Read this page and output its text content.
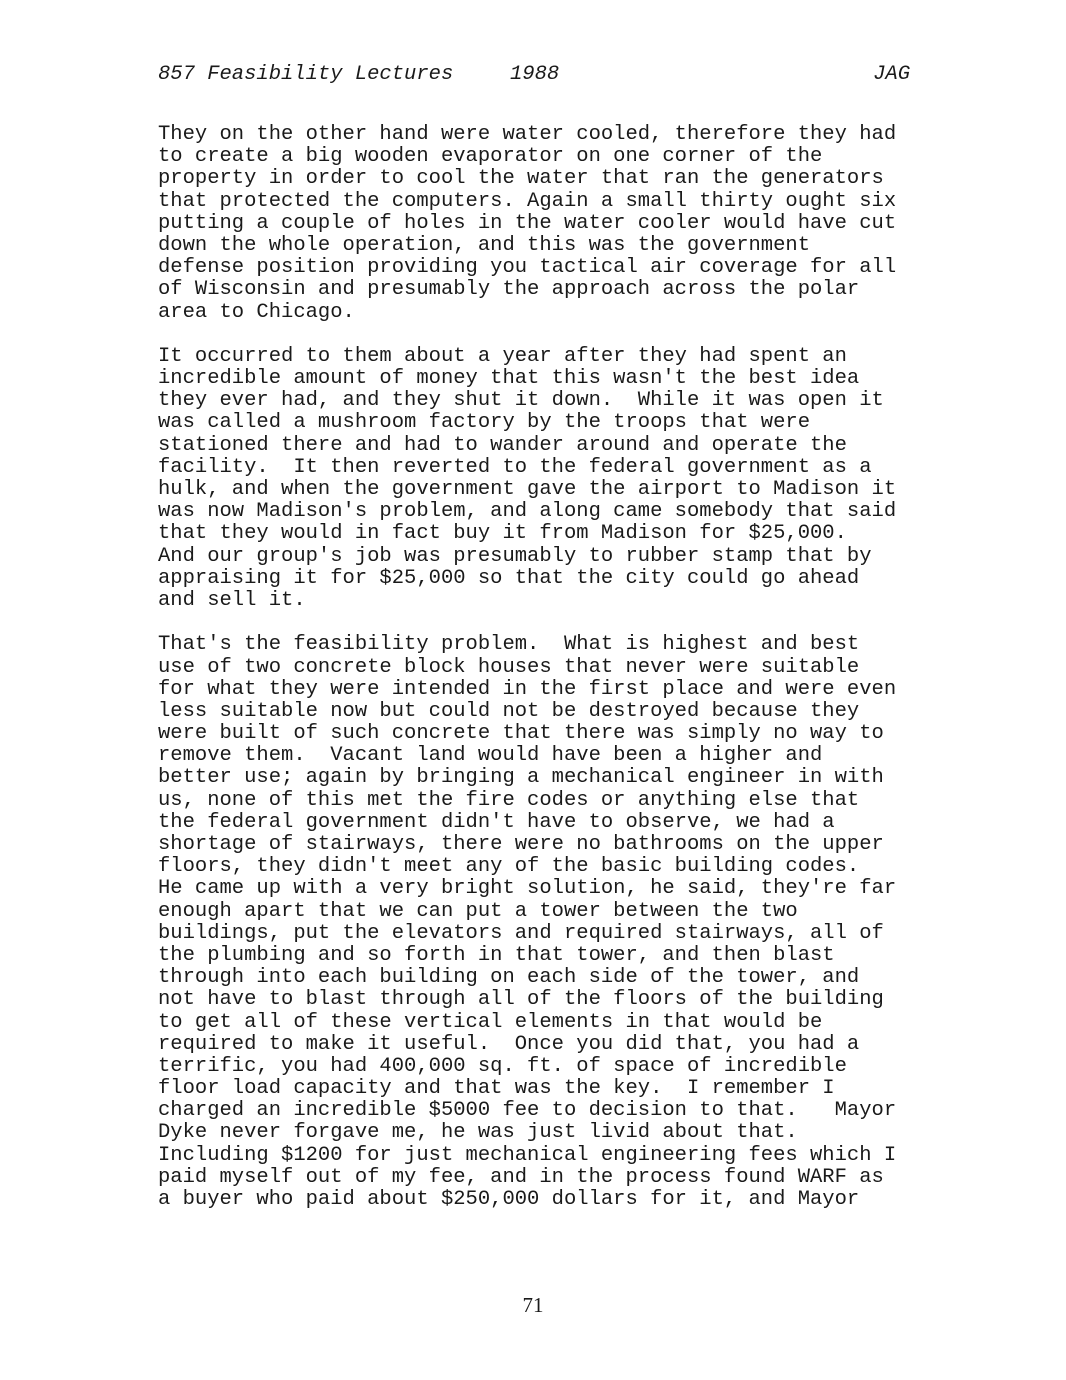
857 Feasibility Lectures

	1988

	JAG

They on the other hand were water cooled, therefore they had
to create a big wooden evaporator on one corner of the
property in order to cool the water that ran the generators
that protected the computers. Again a small thirty ought six
putting a couple of holes in the water cooler would have cut
down the whole operation, and this was the government
defense position providing you tactical air coverage for all
of Wisconsin and presumably the approach across the polar
area to Chicago.
It occurred to them about a year after they had spent an
incredible amount of money that this wasn't the best idea
they ever had, and they shut it down.  While it was open it
was called a mushroom factory by the troops that were
stationed there and had to wander around and operate the
facility.  It then reverted to the federal government as a
hulk, and when the government gave the airport to Madison it
was now Madison's problem, and along came somebody that said
that they would in fact buy it from Madison for $25,000.
And our group's job was presumably to rubber stamp that by
appraising it for $25,000 so that the city could go ahead
and sell it.
That's the feasibility problem.  What is highest and best
use of two concrete block houses that never were suitable
for what they were intended in the first place and were even
less suitable now but could not be destroyed because they
were built of such concrete that there was simply no way to
remove them.  Vacant land would have been a higher and
better use; again by bringing a mechanical engineer in with
us, none of this met the fire codes or anything else that
the federal government didn't have to observe, we had a
shortage of stairways, there were no bathrooms on the upper
floors, they didn't meet any of the basic building codes.
He came up with a very bright solution, he said, they're far
enough apart that we can put a tower between the two
buildings, put the elevators and required stairways, all of
the plumbing and so forth in that tower, and then blast
through into each building on each side of the tower, and
not have to blast through all of the floors of the building
to get all of these vertical elements in that would be
required to make it useful.  Once you did that, you had a
terrific, you had 400,000 sq. ft. of space of incredible
floor load capacity and that was the key.  I remember I
charged an incredible $5000 fee to decision to that.   Mayor
Dyke never forgave me, he was just livid about that.
Including $1200 for just mechanical engineering fees which I
paid myself out of my fee, and in the process found WARF as
a buyer who paid about $250,000 dollars for it, and Mayor
71
